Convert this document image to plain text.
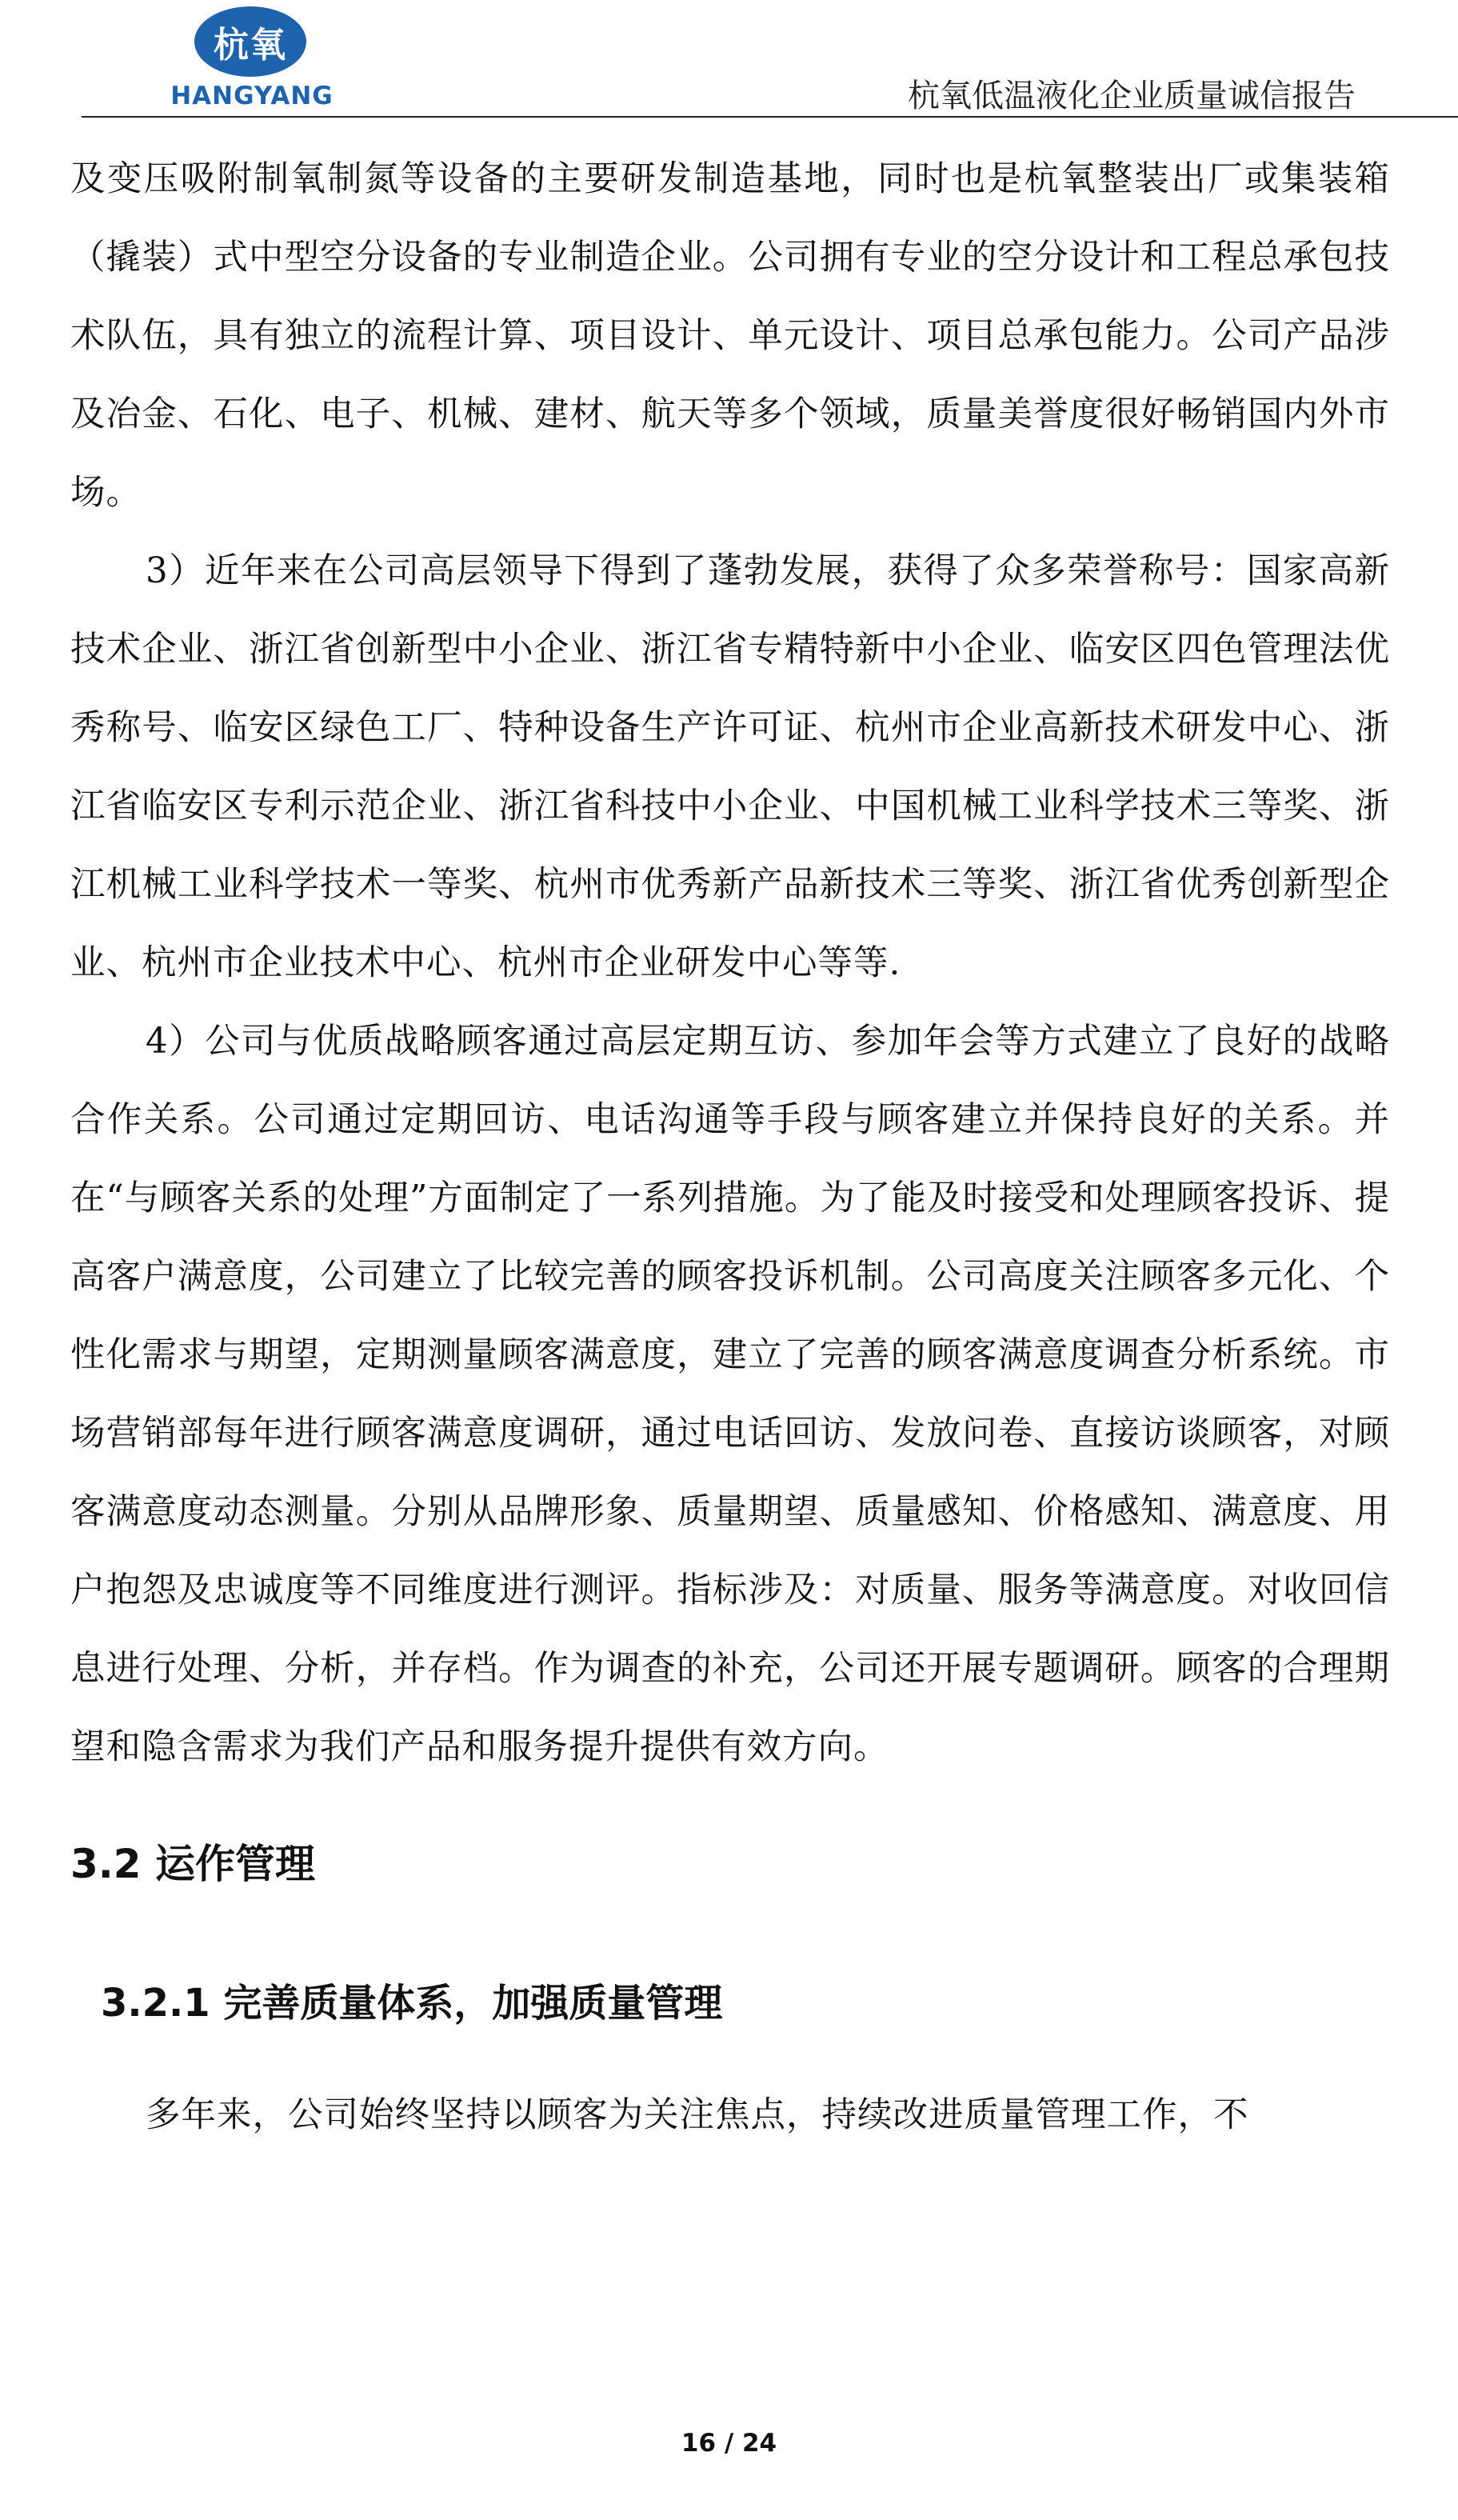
杭氧
HANGYANG	杭氧低温液化企业质量诚信报告

及变压吸附制氧制氮等设备的主要研发制造基地，同时也是杭氧整装出厂或集装箱（撬装）式中型空分设备的专业制造企业。公司拥有专业的空分设计和工程总承包技术队伍，具有独立的流程计算、项目设计、单元设计、项目总承包能力。公司产品涉及冶金、石化、电子、机械、建材、航天等多个领域，质量美誉度很好畅销国内外市场。

3）近年来在公司高层领导下得到了蓬勃发展，获得了众多荣誉称号：国家高新技术企业、浙江省创新型中小企业、浙江省专精特新中小企业、临安区四色管理法优秀称号、临安区绿色工厂、特种设备生产许可证、杭州市企业高新技术研发中心、浙江省临安区专利示范企业、浙江省科技中小企业、中国机械工业科学技术三等奖、浙江机械工业科学技术一等奖、杭州市优秀新产品新技术三等奖、浙江省优秀创新型企业、杭州市企业技术中心、杭州市企业研发中心等等.

4）公司与优质战略顾客通过高层定期互访、参加年会等方式建立了良好的战略合作关系。公司通过定期回访、电话沟通等手段与顾客建立并保持良好的关系。并在“与顾客关系的处理”方面制定了一系列措施。为了能及时接受和处理顾客投诉、提高客户满意度，公司建立了比较完善的顾客投诉机制。公司高度关注顾客多元化、个性化需求与期望，定期测量顾客满意度，建立了完善的顾客满意度调查分析系统。市场营销部每年进行顾客满意度调研，通过电话回访、发放问卷、直接访谈顾客，对顾客满意度动态测量。分别从品牌形象、质量期望、质量感知、价格感知、满意度、用户抱怨及忠诚度等不同维度进行测评。指标涉及：对质量、服务等满意度。对收回信息进行处理、分析，并存档。作为调查的补充，公司还开展专题调研。顾客的合理期望和隐含需求为我们产品和服务提升提供有效方向。

3.2 运作管理
3.2.1 完善质量体系，加强质量管理

多年来，公司始终坚持以顾客为关注焦点，持续改进质量管理工作，不

16 / 24
